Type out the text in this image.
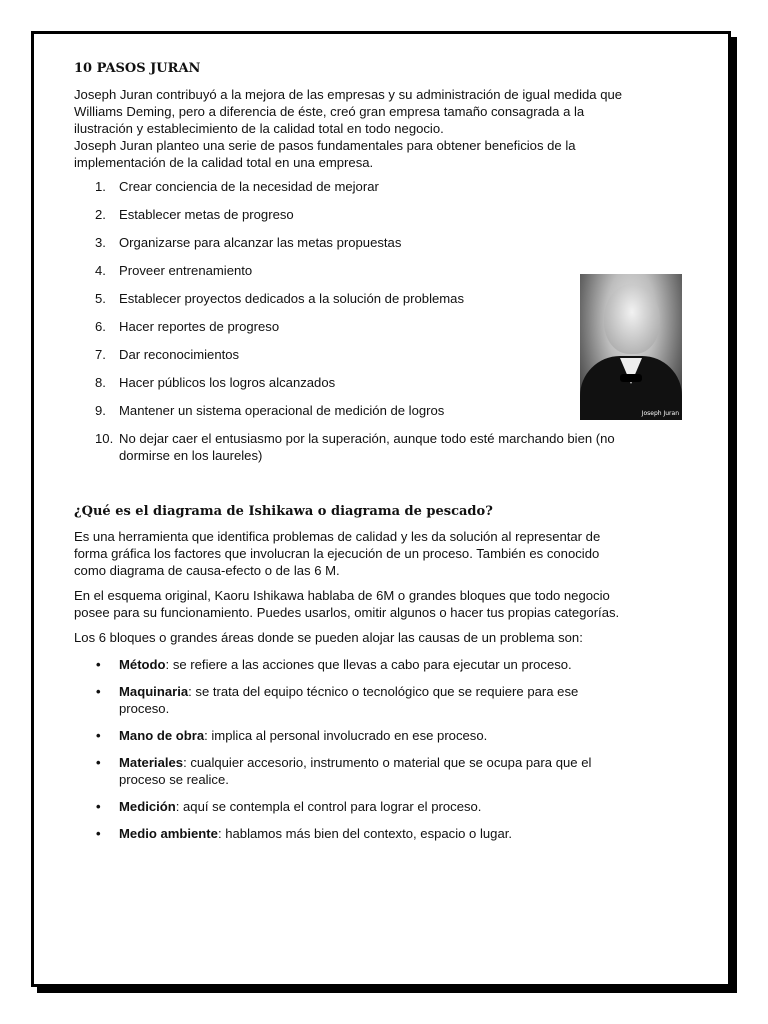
10 PASOS JURAN

Joseph Juran contribuyó a la mejora de las empresas y su administración de igual medida que Williams Deming, pero a diferencia de éste, creó gran empresa tamaño consagrada a la ilustración y establecimiento de la calidad total en todo negocio.

Joseph Juran planteo una serie de pasos fundamentales para obtener beneficios de la implementación de la calidad total en una empresa.

1. Crear conciencia de la necesidad de mejorar
2. Establecer metas de progreso
3. Organizarse para alcanzar las metas propuestas
4. Proveer entrenamiento
5. Establecer proyectos dedicados a la solución de problemas
6. Hacer reportes de progreso
7. Dar reconocimientos
8. Hacer públicos los logros alcanzados
9. Mantener un sistema operacional de medición de logros
10. No dejar caer el entusiasmo por la superación, aunque todo esté marchando bien (no dormirse en los laureles)
¿Qué es el diagrama de Ishikawa o diagrama de pescado?

Es una herramienta que identifica problemas de calidad y les da solución al representar de forma gráfica los factores que involucran la ejecución de un proceso. También es conocido como diagrama de causa-efecto o de las 6 M.

En el esquema original, Kaoru Ishikawa hablaba de 6M o grandes bloques que todo negocio posee para su funcionamiento. Puedes usarlos, omitir algunos o hacer tus propias categorías.

Los 6 bloques o grandes áreas donde se pueden alojar las causas de un problema son:

• Método: se refiere a las acciones que llevas a cabo para ejecutar un proceso.
• Maquinaria: se trata del equipo técnico o tecnológico que se requiere para ese proceso.
• Mano de obra: implica al personal involucrado en ese proceso.
• Materiales: cualquier accesorio, instrumento o material que se ocupa para que el proceso se realice.
• Medición: aquí se contempla el control para lograr el proceso.
• Medio ambiente: hablamos más bien del contexto, espacio o lugar.
Joseph Juran
